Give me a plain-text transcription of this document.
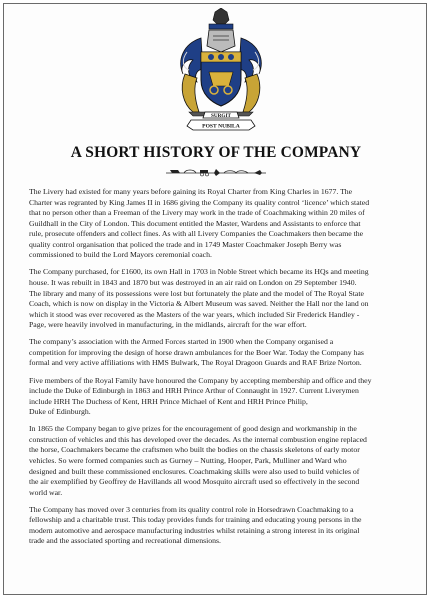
SURGIT
POST NUBILA
A SHORT HISTORY OF THE COMPANY

The Livery had existed for many years before gaining its Royal Charter from King Charles in 1677. The
Charter was regranted by King James II in 1686 giving the Company its quality control ‘licence’ which stated
that no person other than a Freeman of the Livery may work in the trade of Coachmaking within 20 miles of
Guildhall in the City of London. This document entitled the Master, Wardens and Assistants to enforce that
rule, prosecute offenders and collect fines. As with all Livery Companies the Coachmakers then became the
quality control organisation that policed the trade and in 1749 Master Coachmaker Joseph Berry was
commissioned to build the Lord Mayors ceremonial coach.

The Company purchased, for £1600, its own Hall in 1703 in Noble Street which became its HQs and meeting
house. It was rebuilt in 1843 and 1870 but was destroyed in an air raid on London on 29 September 1940.
The library and many of its possessions were lost but fortunately the plate and the model of The Royal State
Coach, which is now on display in the Victoria & Albert Museum was saved. Neither the Hall nor the land on
which it stood was ever recovered as the Masters of the war years, which included Sir Frederick Handley -
Page, were heavily involved in manufacturing, in the midlands, aircraft for the war effort.

The company’s association with the Armed Forces started in 1900 when the Company organised a
competition for improving the design of horse drawn ambulances for the Boer War. Today the Company has
formal and very active affiliations with HMS Bulwark, The Royal Dragoon Guards and RAF Brize Norton.

Five members of the Royal Family have honoured the Company by accepting membership and office and they
include the Duke of Edinburgh in 1863 and HRH Prince Arthur of Connaught in 1927. Current Liverymen
include HRH The Duchess of Kent, HRH Prince Michael of Kent and HRH Prince Philip,
Duke of Edinburgh.

In 1865 the Company began to give prizes for the encouragement of good design and workmanship in the
construction of vehicles and this has developed over the decades. As the internal combustion engine replaced
the horse, Coachmakers became the craftsmen who built the bodies on the chassis skeletons of early motor
vehicles. So were formed companies such as Gurney – Nutting, Hooper, Park, Mulliner and Ward who
designed and built these commissioned enclosures. Coachmaking skills were also used to build vehicles of
the air exemplified by Geoffrey de Havillands all wood Mosquito aircraft used so effectively in the second
world war.

The Company has moved over 3 centuries from its quality control role in Horsedrawn Coachmaking to a
fellowship and a charitable trust. This today provides funds for training and educating young persons in the
modern automotive and aerospace manufacturing industries whilst retaining a strong interest in its original
trade and the associated sporting and recreational dimensions.
